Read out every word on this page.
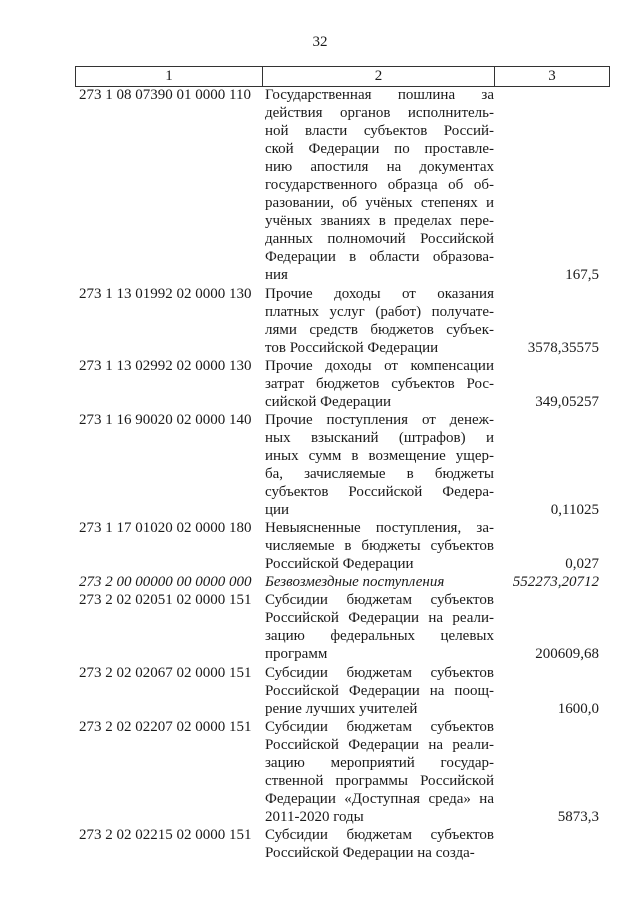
32
1	2	3
273 1 08 07390 01 0000 110 Государственная пошлина за
действия органов исполнитель-
ной власти субъектов Россий-
ской Федерации по проставле-
нию апостиля на документах
государственного образца об об-
разовании, об учёных степенях и
учёных званиях в пределах пере-
данных полномочий Российской
Федерации в области образова-
ния	167,5
273 1 13 01992 02 0000 130 Прочие доходы от оказания
платных услуг (работ) получате-
лями средств бюджетов субъек-
тов Российской Федерации	3578,35575
273 1 13 02992 02 0000 130 Прочие доходы от компенсации
затрат бюджетов субъектов Рос-
сийской Федерации	349,05257
273 1 16 90020 02 0000 140 Прочие поступления от денеж-
ных взысканий (штрафов) и
иных сумм в возмещение ущер-
ба, зачисляемые в бюджеты
субъектов Российской Федера-
ции	0,11025
273 1 17 01020 02 0000 180 Невыясненные поступления, за-
числяемые в бюджеты субъектов
Российской Федерации	0,027
273 2 00 00000 00 0000 000 Безвозмездные поступления	552273,20712
273 2 02 02051 02 0000 151 Субсидии бюджетам субъектов
Российской Федерации на реали-
зацию федеральных целевых
программ	200609,68
273 2 02 02067 02 0000 151 Субсидии бюджетам субъектов
Российской Федерации на поощ-
рение лучших учителей	1600,0
273 2 02 02207 02 0000 151 Субсидии бюджетам субъектов
Российской Федерации на реали-
зацию мероприятий государ-
ственной программы Российской
Федерации «Доступная среда» на
2011-2020 годы	5873,3
273 2 02 02215 02 0000 151 Субсидии бюджетам субъектов
Российской Федерации на созда-
